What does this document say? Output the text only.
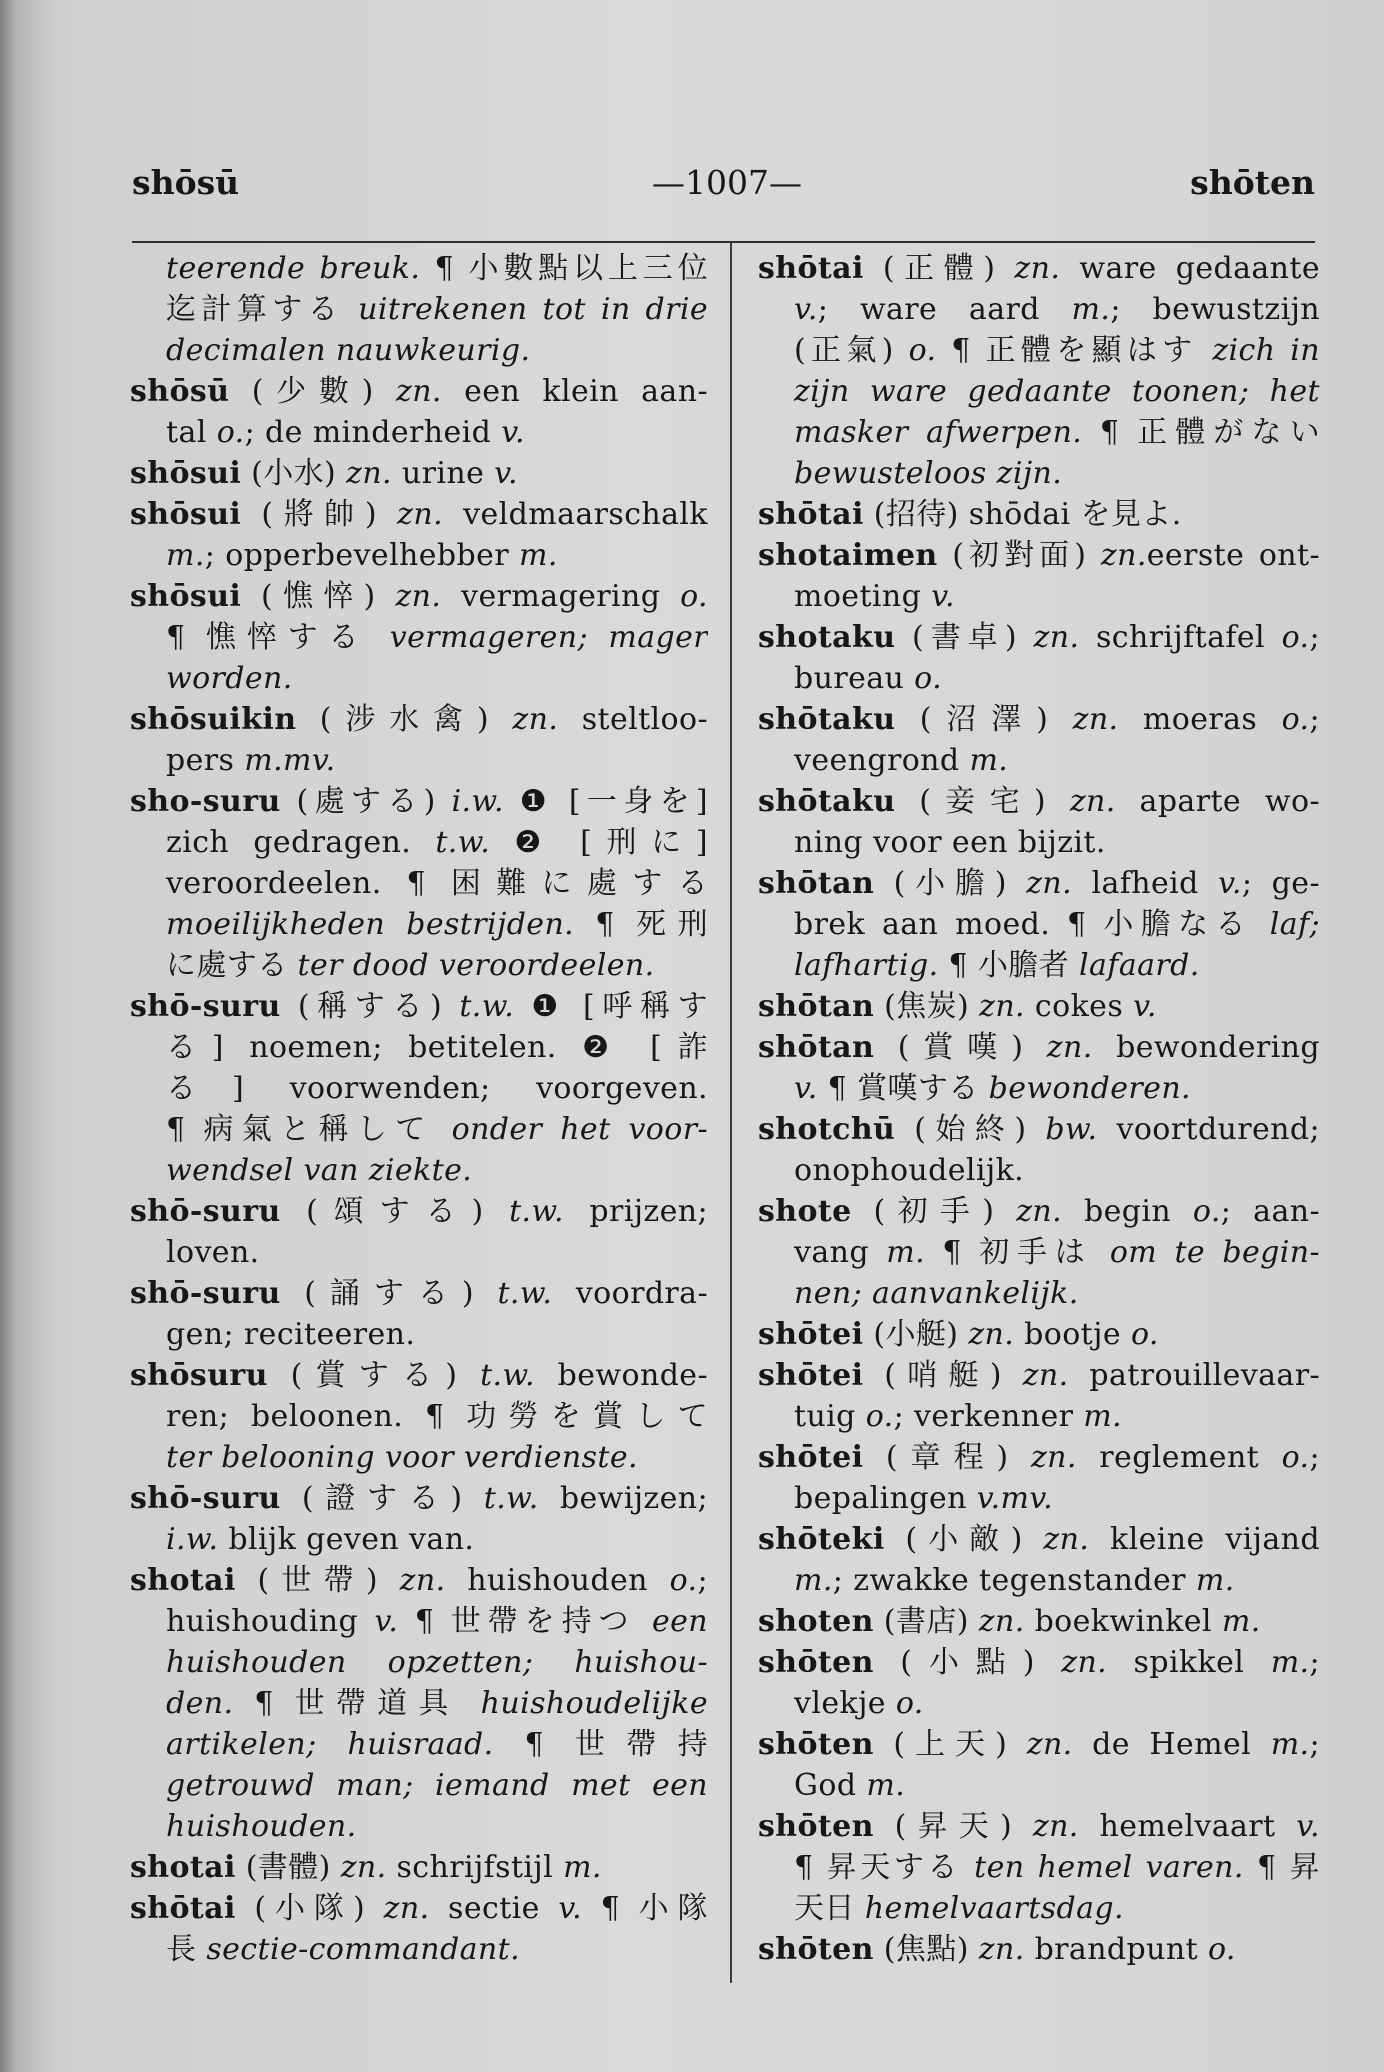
shōsū	—1007—	shōten
teerende breuk. ¶ 小數點以上三位
迄計算する uitrekenen tot in drie
decimalen nauwkeurig.
shōsū (少數) zn. een klein aan-
tal o.; de minderheid v.
shōsui (小水) zn. urine v.
shōsui (將帥) zn. veldmaarschalk
m.; opperbevelhebber m.
shōsui (憔悴) zn. vermagering o.
¶ 憔悴する vermageren; mager
worden.
shōsuikin (涉水禽) zn. steltloo-
pers m.mv.
sho-suru (處する) i.w. ❶ [一身を]
zich gedragen. t.w. ❷ [刑に]
veroordeelen. ¶ 困難に處する
moeilijkheden bestrijden. ¶ 死刑
に處する ter dood veroordeelen.
shō-suru (稱する) t.w. ❶ [呼稱す
る] noemen; betitelen. ❷ [詐
る] voorwenden; voorgeven.
¶ 病氣と稱して onder het voor-
wendsel van ziekte.
shō-suru (頌する) t.w. prijzen;
loven.
shō-suru (誦する) t.w. voordra-
gen; reciteeren.
shōsuru (賞する) t.w. bewonde-
ren; beloonen. ¶ 功勞を賞して
ter belooning voor verdienste.
shō-suru (證する) t.w. bewijzen;
i.w. blijk geven van.
shotai (世帶) zn. huishouden o.;
huishouding v. ¶ 世帶を持つ een
huishouden opzetten; huishou-
den. ¶ 世帶道具 huishoudelijke
artikelen; huisraad. ¶ 世帶持
getrouwd man; iemand met een
huishouden.
shotai (書體) zn. schrijfstijl m.
shōtai (小隊) zn. sectie v. ¶ 小隊
長 sectie-commandant.
shōtai (正體) zn. ware gedaante
v.; ware aard m.; bewustzijn
(正氣) o. ¶ 正體を顯はす zich in
zijn ware gedaante toonen; het
masker afwerpen. ¶ 正體がない
bewusteloos zijn.
shōtai (招待) shōdai を見よ.
shotaimen (初對面) zn.eerste ont-
moeting v.
shotaku (書卓) zn. schrijftafel o.;
bureau o.
shōtaku (沼澤) zn. moeras o.;
veengrond m.
shōtaku (妾宅) zn. aparte wo-
ning voor een bijzit.
shōtan (小膽) zn. lafheid v.; ge-
brek aan moed. ¶ 小膽なる laf;
lafhartig. ¶ 小膽者 lafaard.
shōtan (焦炭) zn. cokes v.
shōtan (賞嘆) zn. bewondering
v. ¶ 賞嘆する bewonderen.
shotchū (始終) bw. voortdurend;
onophoudelijk.
shote (初手) zn. begin o.; aan-
vang m. ¶ 初手は om te begin-
nen; aanvankelijk.
shōtei (小艇) zn. bootje o.
shōtei (哨艇) zn. patrouillevaar-
tuig o.; verkenner m.
shōtei (章程) zn. reglement o.;
bepalingen v.mv.
shōteki (小敵) zn. kleine vijand
m.; zwakke tegenstander m.
shoten (書店) zn. boekwinkel m.
shōten (小點) zn. spikkel m.;
vlekje o.
shōten (上天) zn. de Hemel m.;
God m.
shōten (昇天) zn. hemelvaart v.
¶ 昇天する ten hemel varen. ¶ 昇
天日 hemelvaartsdag.
shōten (焦點) zn. brandpunt o.
